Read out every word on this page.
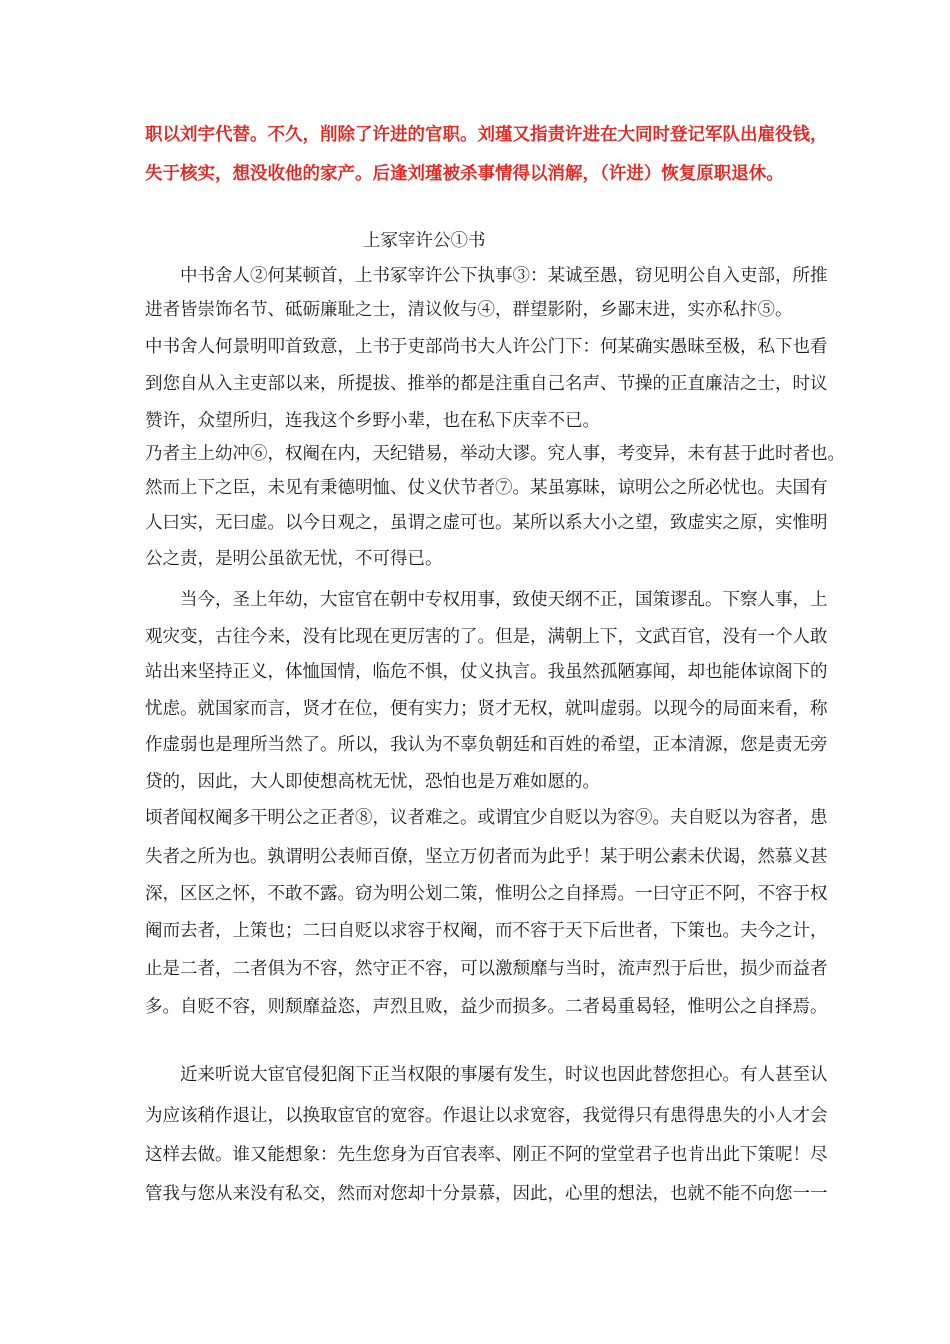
职以刘宇代替。不久，削除了许进的官职。刘瑾又指责许进在大同时登记军队出雇役钱，

失于核实，想没收他的家产。后逢刘瑾被杀事情得以消解，（许进）恢复原职退休。

上冢宰许公①书

中书舍人②何某顿首，上书冢宰许公下执事③：某诚至愚，窃见明公自入吏部，所推

进者皆崇饰名节、砥砺廉耻之士，清议攸与④，群望影附，乡鄙末进，实亦私抃⑤。

中书舍人何景明叩首致意，上书于吏部尚书大人许公门下：何某确实愚昧至极，私下也看

到您自从入主吏部以来，所提拔、推举的都是注重自己名声、节操的正直廉洁之士，时议

赞许，众望所归，连我这个乡野小辈，也在私下庆幸不已。

乃者主上幼冲⑥，权阉在内，天纪错易，举动大谬。究人事，考变异，未有甚于此时者也。

然而上下之臣，未见有秉德明恤、仗义伏节者⑦。某虽寡昧，谅明公之所必忧也。夫国有

人曰实，无曰虚。以今日观之，虽谓之虚可也。某所以系大小之望，致虚实之原，实惟明

公之责，是明公虽欲无忧，不可得已。

当今，圣上年幼，大宦官在朝中专权用事，致使天纲不正，国策谬乱。下察人事，上

观灾变，古往今来，没有比现在更厉害的了。但是，满朝上下，文武百官，没有一个人敢

站出来坚持正义，体恤国情，临危不惧，仗义执言。我虽然孤陋寡闻，却也能体谅阁下的

忧虑。就国家而言，贤才在位，便有实力；贤才无权，就叫虚弱。以现今的局面来看，称

作虚弱也是理所当然了。所以，我认为不辜负朝廷和百姓的希望，正本清源，您是责无旁

贷的，因此，大人即使想高枕无忧，恐怕也是万难如愿的。

顷者闻权阉多干明公之正者⑧，议者难之。或谓宜少自贬以为容⑨。夫自贬以为容者，患

失者之所为也。孰谓明公表师百僚，坚立万仞者而为此乎！某于明公素未伏谒，然慕义甚

深，区区之怀，不敢不露。窃为明公划二策，惟明公之自择焉。一曰守正不阿，不容于权

阉而去者，上策也；二曰自贬以求容于权阉，而不容于天下后世者，下策也。夫今之计，

止是二者，二者俱为不容，然守正不容，可以激颓靡与当时，流声烈于后世，损少而益者

多。自贬不容，则颓靡益恣，声烈且败，益少而损多。二者曷重曷轻，惟明公之自择焉。

近来听说大宦官侵犯阁下正当权限的事屡有发生，时议也因此替您担心。有人甚至认

为应该稍作退让，以换取宦官的宽容。作退让以求宽容，我觉得只有患得患失的小人才会

这样去做。谁又能想象：先生您身为百官表率、刚正不阿的堂堂君子也肯出此下策呢！尽

管我与您从来没有私交，然而对您却十分景慕，因此，心里的想法，也就不能不向您一一
